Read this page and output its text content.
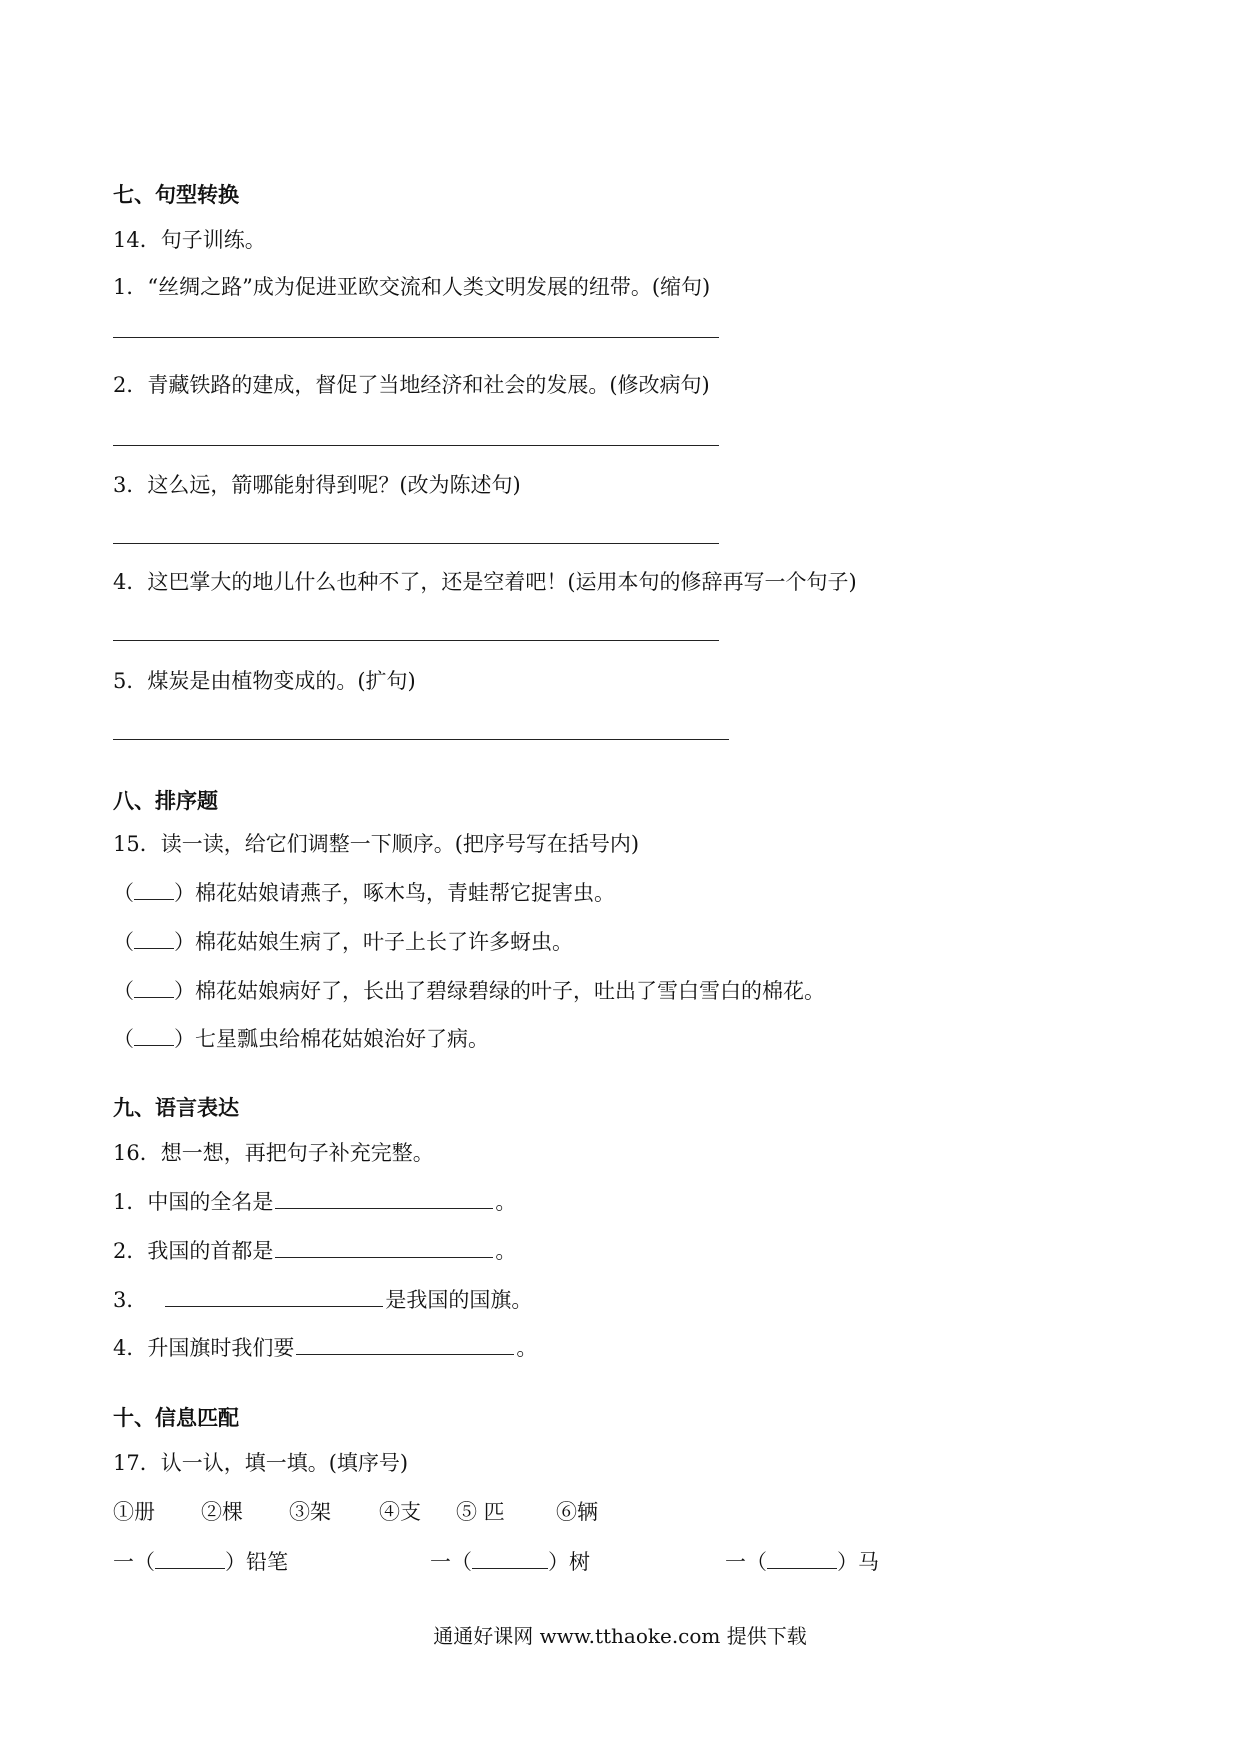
七、句型转换
14．句子训练。
1．“丝绸之路”成为促进亚欧交流和人类文明发展的纽带。(缩句)
2．青藏铁路的建成，督促了当地经济和社会的发展。(修改病句)
3．这么远，箭哪能射得到呢？(改为陈述句)
4．这巴掌大的地儿什么也种不了，还是空着吧！(运用本句的修辞再写一个句子)
5．煤炭是由植物变成的。(扩句)
八、排序题
15．读一读，给它们调整一下顺序。(把序号写在括号内)
（ ）棉花姑娘请燕子，啄木鸟，青蛙帮它捉害虫。
（ ）棉花姑娘生病了，叶子上长了许多蚜虫。
（ ）棉花姑娘病好了，长出了碧绿碧绿的叶子，吐出了雪白雪白的棉花。
（ ）七星瓢虫给棉花姑娘治好了病。
九、语言表达
16．想一想，再把句子补充完整。
1．中国的全名是	。
2．我国的首都是	。
3．	是我国的国旗。
4．升国旗时我们要	。
十、信息匹配
17．认一认，填一填。(填序号)
①册 ②棵 ③架 ④支 ⑤ 匹 ⑥辆
一（	）铅笔	一（	）树	一（	）马
通通好课网 www.tthaoke.com 提供下载
